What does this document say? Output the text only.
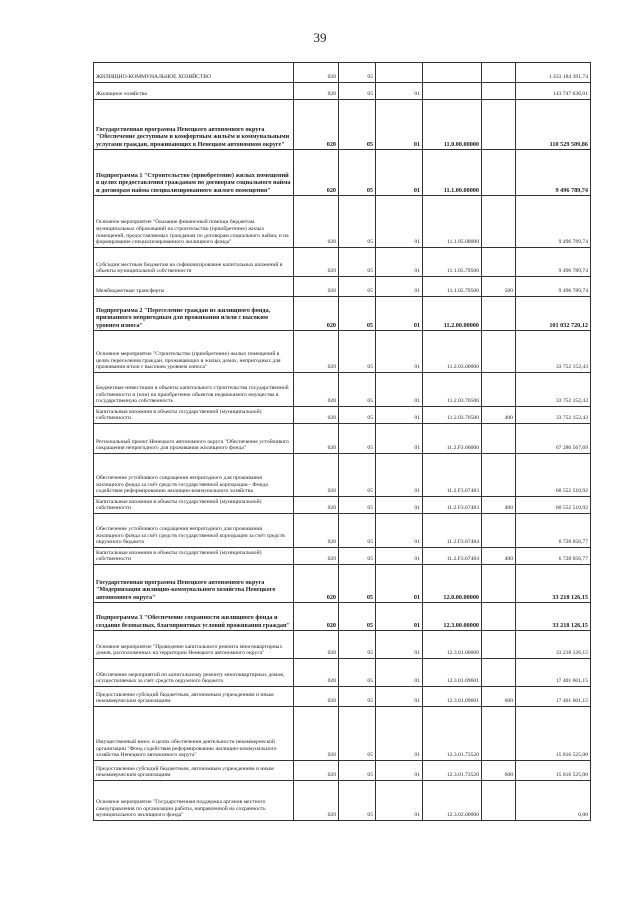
39
ЖИЛИЩНО-КОММУНАЛЬНОЕ ХОЗЯЙСТВО	020	05				1 433 184 391,74
Жилищное хозяйство	020	05	01			143 747 636,01
Государственная программа Ненецкого автономного округа "Обеспечение доступным и комфортным жильём и коммунальными услугами граждан, проживающих в Ненецком автономном округе"	020	05	01	11.0.00.00000		110 529 509,86
Подпрограмма 1 "Строительство (приобретение) жилых помещений в целях предоставления гражданам по договорам социального найма и договорам найма специализированного жилого помещения"	020	05	01	11.1.00.00000		9 496 789,74
Основное мероприятие "Оказание финансовой помощи бюджетам муниципальных образований на строительство (приобретение) жилых помещений, предоставляемых гражданам по договорам социального найма, и на формирование специализированного жилищного фонда"	020	05	01	11.1.05.00000		9 496 789,74
Субсидии местным бюджетам на софинансирование капитальных вложений в объекты муниципальной собственности	020	05	01	11.1.05.79500		9 496 789,74
Межбюджетные трансферты	020	05	01	11.1.05.79500	500	9 496 789,74
Подпрограмма 2 "Переселение граждан из жилищного фонда, признанного непригодным для проживания и/или с высоким уровнем износа"	020	05	01	11.2.00.00000		101 032 720,12
Основное мероприятие "Строительство (приобретение) жилых помещений в целях переселения граждан, проживающих в жилых домах, непригодных для проживания и/или с высоким уровнем износа"	020	05	01	11.2.03.00000		33 752 152,43
Бюджетные инвестиции в объекты капитального строительства государственной собственности и (или) на приобретение объектов недвижимого имущества в государственную собственность	020	05	01	11.2.03.70500		33 752 152,43
Капитальные вложения в объекты государственной (муниципальной) собственности	020	05	01	11.2.03.70500	400	33 752 152,43
Региональный проект Ненецкого автономного округа "Обеспечение устойчивого сокращения непригодного для проживания жилищного фонда"	020	05	01	11.2.F3.00000		67 280 567,69
Обеспечение устойчивого сокращения непригодного для проживания жилищного фонда за счёт средств государственной корпорации - Фонда содействия реформированию жилищно-коммунального хозяйства	020	05	01	11.2.F3.67483		60 552 510,92
Капитальные вложения в объекты государственной (муниципальной) собственности	020	05	01	11.2.F3.67483	400	60 552 510,92
Обеспечение устойчивого сокращения непригодного для проживания жилищного фонда за счёт средств государственной корпорации за счёт средств окружного бюджета	020	05	01	11.2.F3.67484		6 728 056,77
Капитальные вложения в объекты государственной (муниципальной) собственности	020	05	01	11.2.F3.67484	400	6 728 056,77
Государственная программа Ненецкого автономного округа "Модернизация жилищно-коммунального хозяйства Ненецкого автономного округа"	020	05	01	12.0.00.00000		33 218 126,15
Подпрограмма 3 "Обеспечение сохранности жилищного фонда и создание безопасных, благоприятных условий проживания граждан"	020	05	01	12.3.00.00000		33 218 126,15
Основное мероприятие "Проведение капитального ремонта многоквартирных домов, расположенных на территории Ненецкого автономного округа"	020	05	01	12.3.01.00000		33 218 126,15
Обеспечение мероприятий по капитальному ремонту многоквартирных домов, осуществляемых за счёт средств окружного бюджета	020	05	01	12.3.01.09601		17 401 601,15
Предоставление субсидий бюджетным, автономным учреждениям и иным некоммерческим организациям	020	05	01	12.3.01.09601	600	17 401 601,15
Имущественный взнос в целях обеспечения деятельности некоммерческой организации "Фонд содействия реформированию жилищно-коммунального хозяйства Ненецкого автономного округа"	020	05	01	12.3.01.73520		15 816 525,00
Предоставление субсидий бюджетным, автономным учреждениям и иным некоммерческим организациям	020	05	01	12.3.01.73520	600	15 816 525,00
Основное мероприятие "Государственная поддержка органов местного самоуправления по организации работы, направленной на сохранность муниципального жилищного фонда"	020	05	01	12.3.02.00000		0,00
